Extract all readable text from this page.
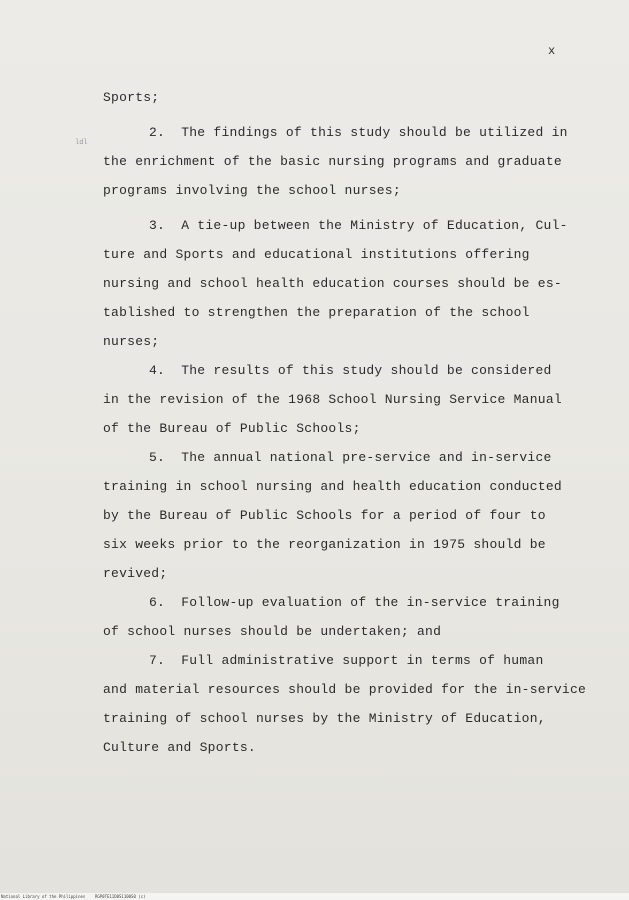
x
ldl
Sports;
2.  The findings of this study should be utilized in
the enrichment of the basic nursing programs and graduate
programs involving the school nurses;
3.  A tie-up between the Ministry of Education, Cul-
ture and Sports and educational institutions offering
nursing and school health education courses should be es-
tablished to strengthen the preparation of the school
nurses;
4.  The results of this study should be considered
in the revision of the 1968 School Nursing Service Manual
of the Bureau of Public Schools;
5.  The annual national pre-service and in-service
training in school nursing and health education conducted
by the Bureau of Public Schools for a period of four to
six weeks prior to the reorganization in 1975 should be
revived;
6.  Follow-up evaluation of the in-service training
of school nurses should be undertaken; and
7.  Full administrative support in terms of human
and material resources should be provided for the in-service
training of school nurses by the Ministry of Education,
Culture and Sports.
National Library of the Philippines RGP0TE11D0S1100S0 (c)
